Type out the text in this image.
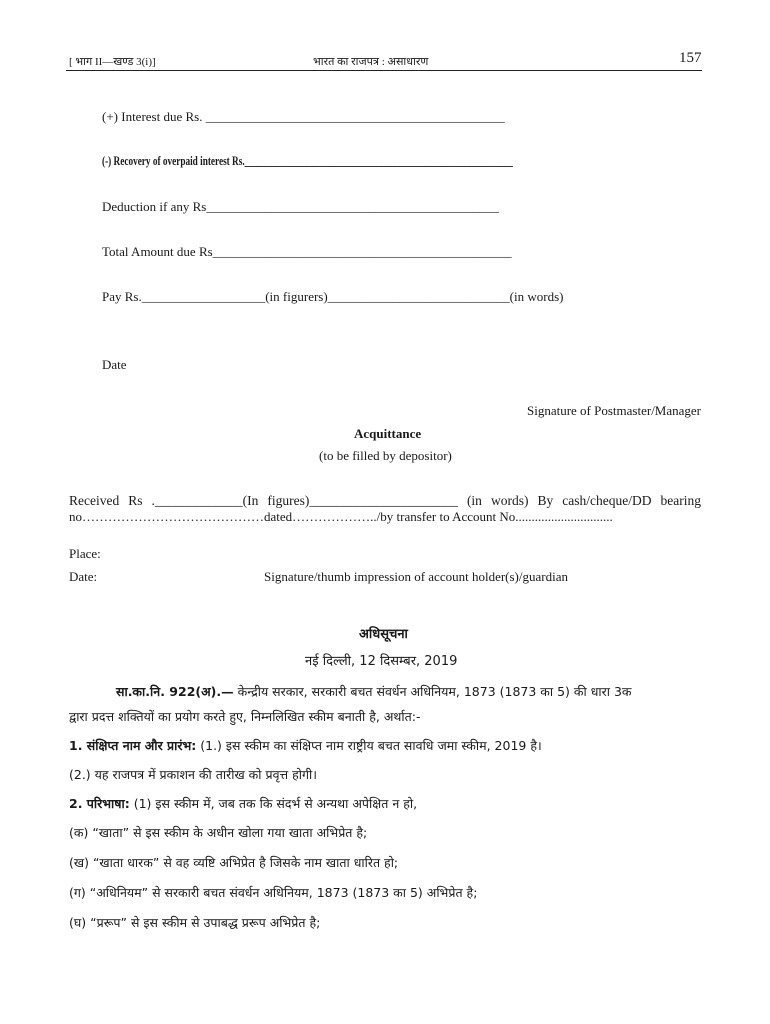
[ भाग II—खण्ड 3(i)]	भारत का राजपत्र : असाधारण	157
(+) Interest due Rs. ______________________________________________
(-) Recovery of overpaid interest Rs.__________________________________________________________
Deduction if any Rs_____________________________________________
Total Amount due Rs______________________________________________
Pay Rs.___________________(in figurers)____________________________(in words)
Date
Signature of Postmaster/Manager
Acquittance
(to be filled by depositor)
Received Rs ._____________(In figures)______________________ (in words) By cash/cheque/DD bearing
no……………………………………dated………………../by transfer to Account No..............................
Place:
Date:	Signature/thumb impression of account holder(s)/guardian
अधिसूचना
नई दिल्ली, 12 दिसम्बर, 2019
सा.का.नि. 922(अ).— केन्द्रीय सरकार, सरकारी बचत संवर्धन अधिनियम, 1873 (1873 का 5) की धारा 3क
द्वारा प्रदत्त शक्तियों का प्रयोग करते हुए, निम्नलिखित स्कीम बनाती है, अर्थात:-
1. संक्षिप्त नाम और प्रारंभ: (1.) इस स्कीम का संक्षिप्त नाम राष्ट्रीय बचत सावधि जमा स्कीम, 2019 है।
(2.) यह राजपत्र में प्रकाशन की तारीख को प्रवृत्त होगी।
2. परिभाषा: (1) इस स्कीम में, जब तक कि संदर्भ से अन्यथा अपेक्षित न हो,
(क) “खाता” से इस स्कीम के अधीन खोला गया खाता अभिप्रेत है;
(ख) “खाता धारक” से वह व्यष्टि अभिप्रेत है जिसके नाम खाता धारित हो;
(ग) “अधिनियम” से सरकारी बचत संवर्धन अधिनियम, 1873 (1873 का 5) अभिप्रेत है;
(घ) “प्ररूप” से इस स्कीम से उपाबद्ध प्ररूप अभिप्रेत है;
